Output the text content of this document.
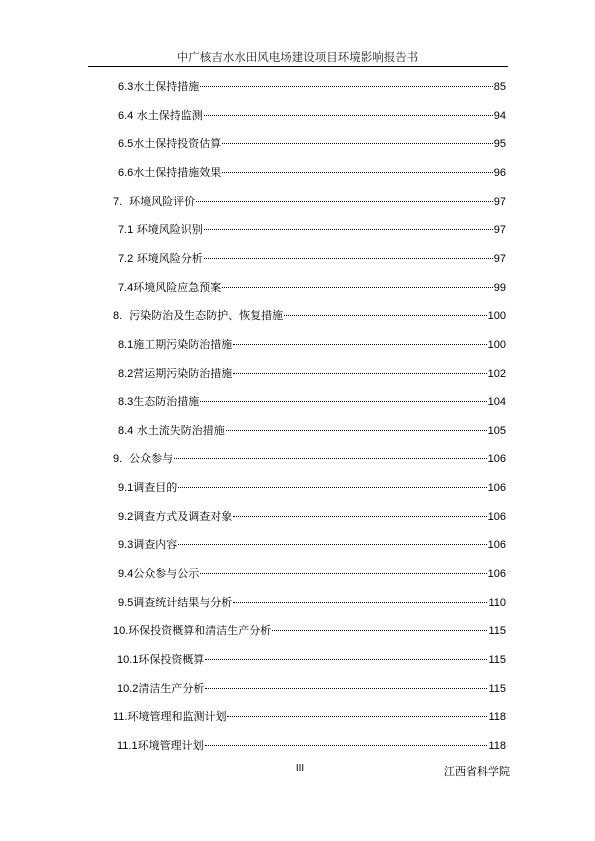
中广核吉水水田风电场建设项目环境影响报告书
6.3水土保持措施	85
6.4 水土保持监测	94
6.5水土保持投资估算	95
6.6水土保持措施效果	96
7.  环境风险评价	97
7.1 环境风险识别	97
7.2 环境风险分析	97
7.4环境风险应急预案	99
8.  污染防治及生态防护、恢复措施	100
8.1施工期污染防治措施	100
8.2营运期污染防治措施	102
8.3生态防治措施	104
8.4 水土流失防治措施	105
9.  公众参与	106
9.1调查目的	106
9.2调查方式及调查对象	106
9.3调查内容	106
9.4公众参与公示	106
9.5调查统计结果与分析	110
10.环保投资概算和清洁生产分析	115
10.1环保投资概算	115
10.2清洁生产分析	115
11.环境管理和监测计划	118
11.1环境管理计划	118
III	江西省科学院
